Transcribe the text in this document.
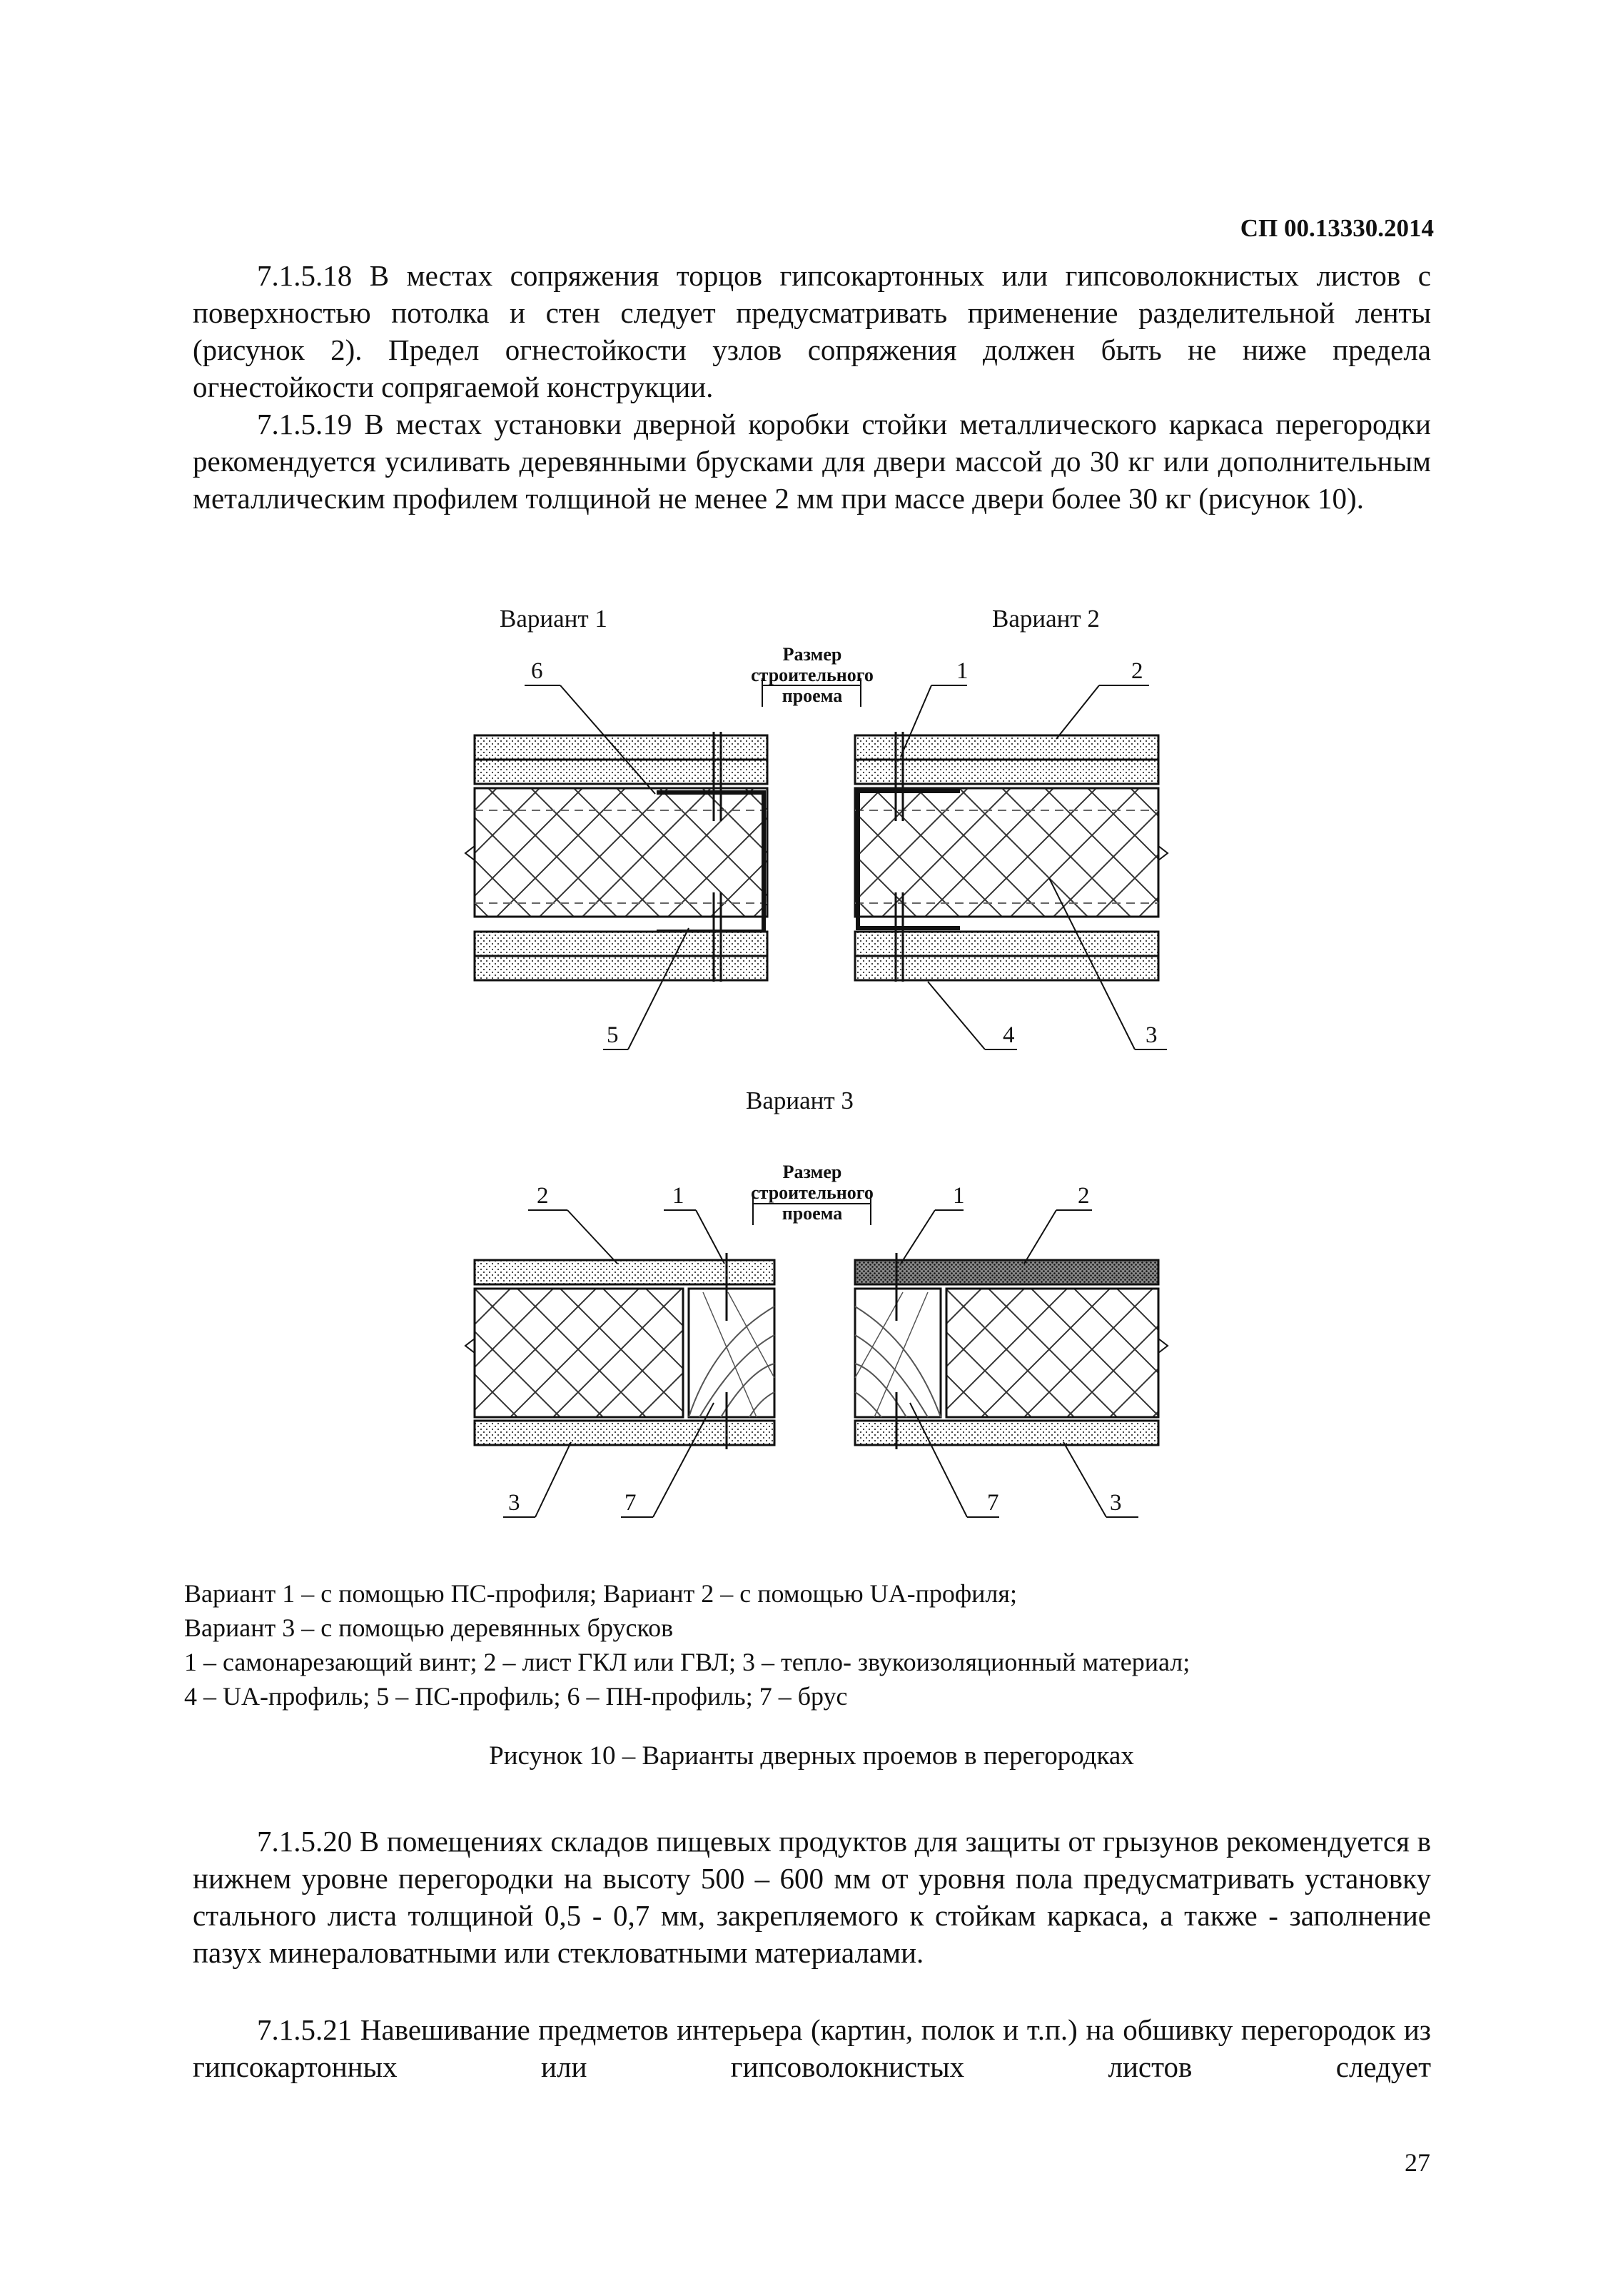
СП 00.13330.2014

7.1.5.18 В местах сопряжения торцов гипсокартонных или гипсоволокнистых листов с поверхностью потолка и стен следует предусматривать применение разделительной ленты (рисунок 2). Предел огнестойкости узлов сопряжения должен быть не ниже предела огнестойкости сопрягаемой конструкции.

7.1.5.19 В местах установки дверной коробки стойки металлического каркаса перегородки рекомендуется усиливать деревянными брусками для двери массой до 30 кг или дополнительным металлическим профилем толщиной не менее 2 мм при массе двери более 30 кг (рисунок 10).

Вариант 1	Вариант 2
Размер
строительного
проема
6	1	2
5	4	3
Вариант 3
Размер
строительного
проема
2	1	1	2
3	7	7	3
Вариант 1 – с помощью ПС-профиля; Вариант 2 – с помощью UA-профиля;
Вариант 3 – с помощью деревянных брусков
1 – самонарезающий винт; 2 – лист ГКЛ или ГВЛ; 3 – тепло- звукоизоляционный материал;
4 – UA-профиль; 5 – ПС-профиль; 6 – ПН-профиль; 7 – брус
Рисунок 10 – Варианты дверных проемов в перегородках

7.1.5.20 В помещениях складов пищевых продуктов для защиты от грызунов рекомендуется в нижнем уровне перегородки на высоту 500 – 600 мм от уровня пола предусматривать установку стального листа толщиной 0,5 - 0,7 мм, закрепляемого к стойкам каркаса, а также - заполнение пазух минераловатными или стекловатными материалами.

7.1.5.21 Навешивание предметов интерьера (картин, полок и т.п.) на обшивку перегородок из гипсокартонных или гипсоволокнистых листов следует

27
